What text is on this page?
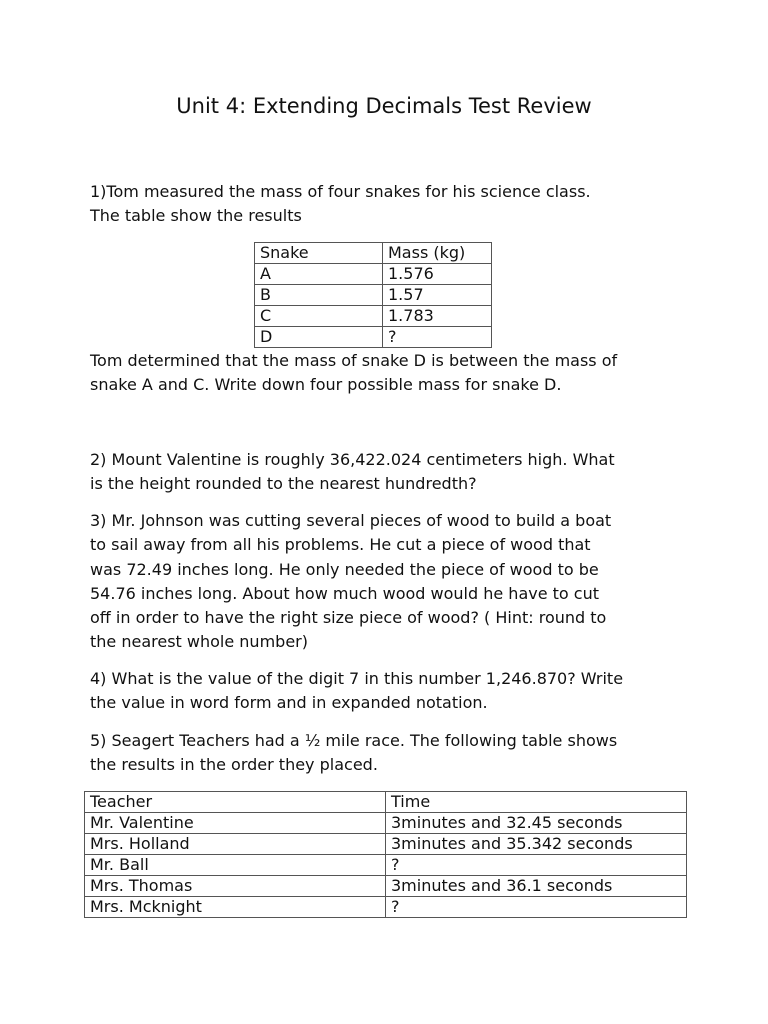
Unit 4: Extending Decimals Test Review

1)Tom measured the mass of four snakes for his science class.
The table show the results

Snake	Mass (kg)
A	1.576
B	1.57
C	1.783
D	?

Tom determined that the mass of snake D is between the mass of
snake A and C. Write down four possible mass for snake D.

2) Mount Valentine is roughly 36,422.024 centimeters high. What
is the height rounded to the nearest hundredth?

3) Mr. Johnson was cutting several pieces of wood to build a boat
to sail away from all his problems. He cut a piece of wood that
was 72.49 inches long. He only needed the piece of wood to be
54.76 inches long. About how much wood would he have to cut
off in order to have the right size piece of wood? ( Hint: round to
the nearest whole number)

4) What is the value of the digit 7 in this number 1,246.870? Write
the value in word form and in expanded notation.

5) Seagert Teachers had a ½ mile race. The following table shows
the results in the order they placed.

Teacher	Time
Mr. Valentine	3minutes and 32.45 seconds
Mrs. Holland	3minutes and 35.342 seconds
Mr. Ball	?
Mrs. Thomas	3minutes and 36.1 seconds
Mrs. Mcknight	?
